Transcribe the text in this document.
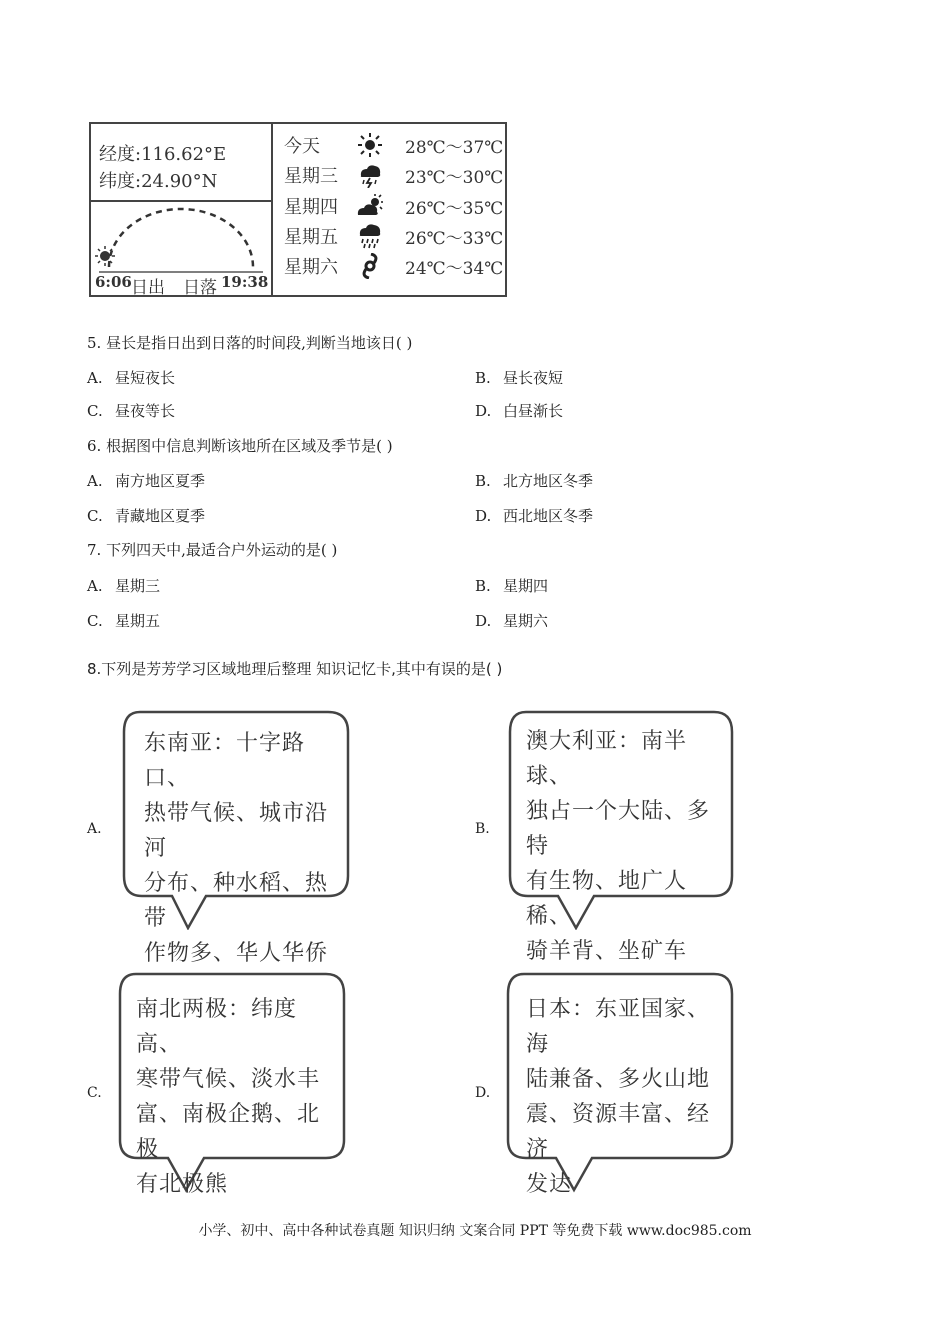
经度:116.62°E
纬度:24.90°N
6:06 日出 日落 19:38
今天	28℃～37℃
星期三	23℃～30℃
星期四	26℃～35℃
星期五	26℃～33℃
星期六	24℃～34℃
5. 昼长是指日出到日落的时间段,判断当地该日( )
A. 昼短夜长	B. 昼长夜短
C. 昼夜等长	D. 白昼渐长
6. 根据图中信息判断该地所在区域及季节是( )
A. 南方地区夏季	B. 北方地区冬季
C. 青藏地区夏季	D. 西北地区冬季
7. 下列四天中,最适合户外运动的是( )
A. 星期三	B. 星期四
C. 星期五	D. 星期六
8.下列是芳芳学习区域地理后整理 知识记忆卡,其中有误的是( )
A.
东南亚：十字路口、
热带气候、城市沿河
分布、种水稻、热带
作物多、华人华侨
B.
澳大利亚：南半球、
独占一个大陆、多特
有生物、地广人稀、
骑羊背、坐矿车
C.
南北两极：纬度高、
寒带气候、淡水丰
富、南极企鹅、北极
有北极熊
D.
日本：东亚国家、海
陆兼备、多火山地
震、资源丰富、经济
发达
小学、初中、高中各种试卷真题 知识归纳 文案合同 PPT 等免费下载 www.doc985.com
